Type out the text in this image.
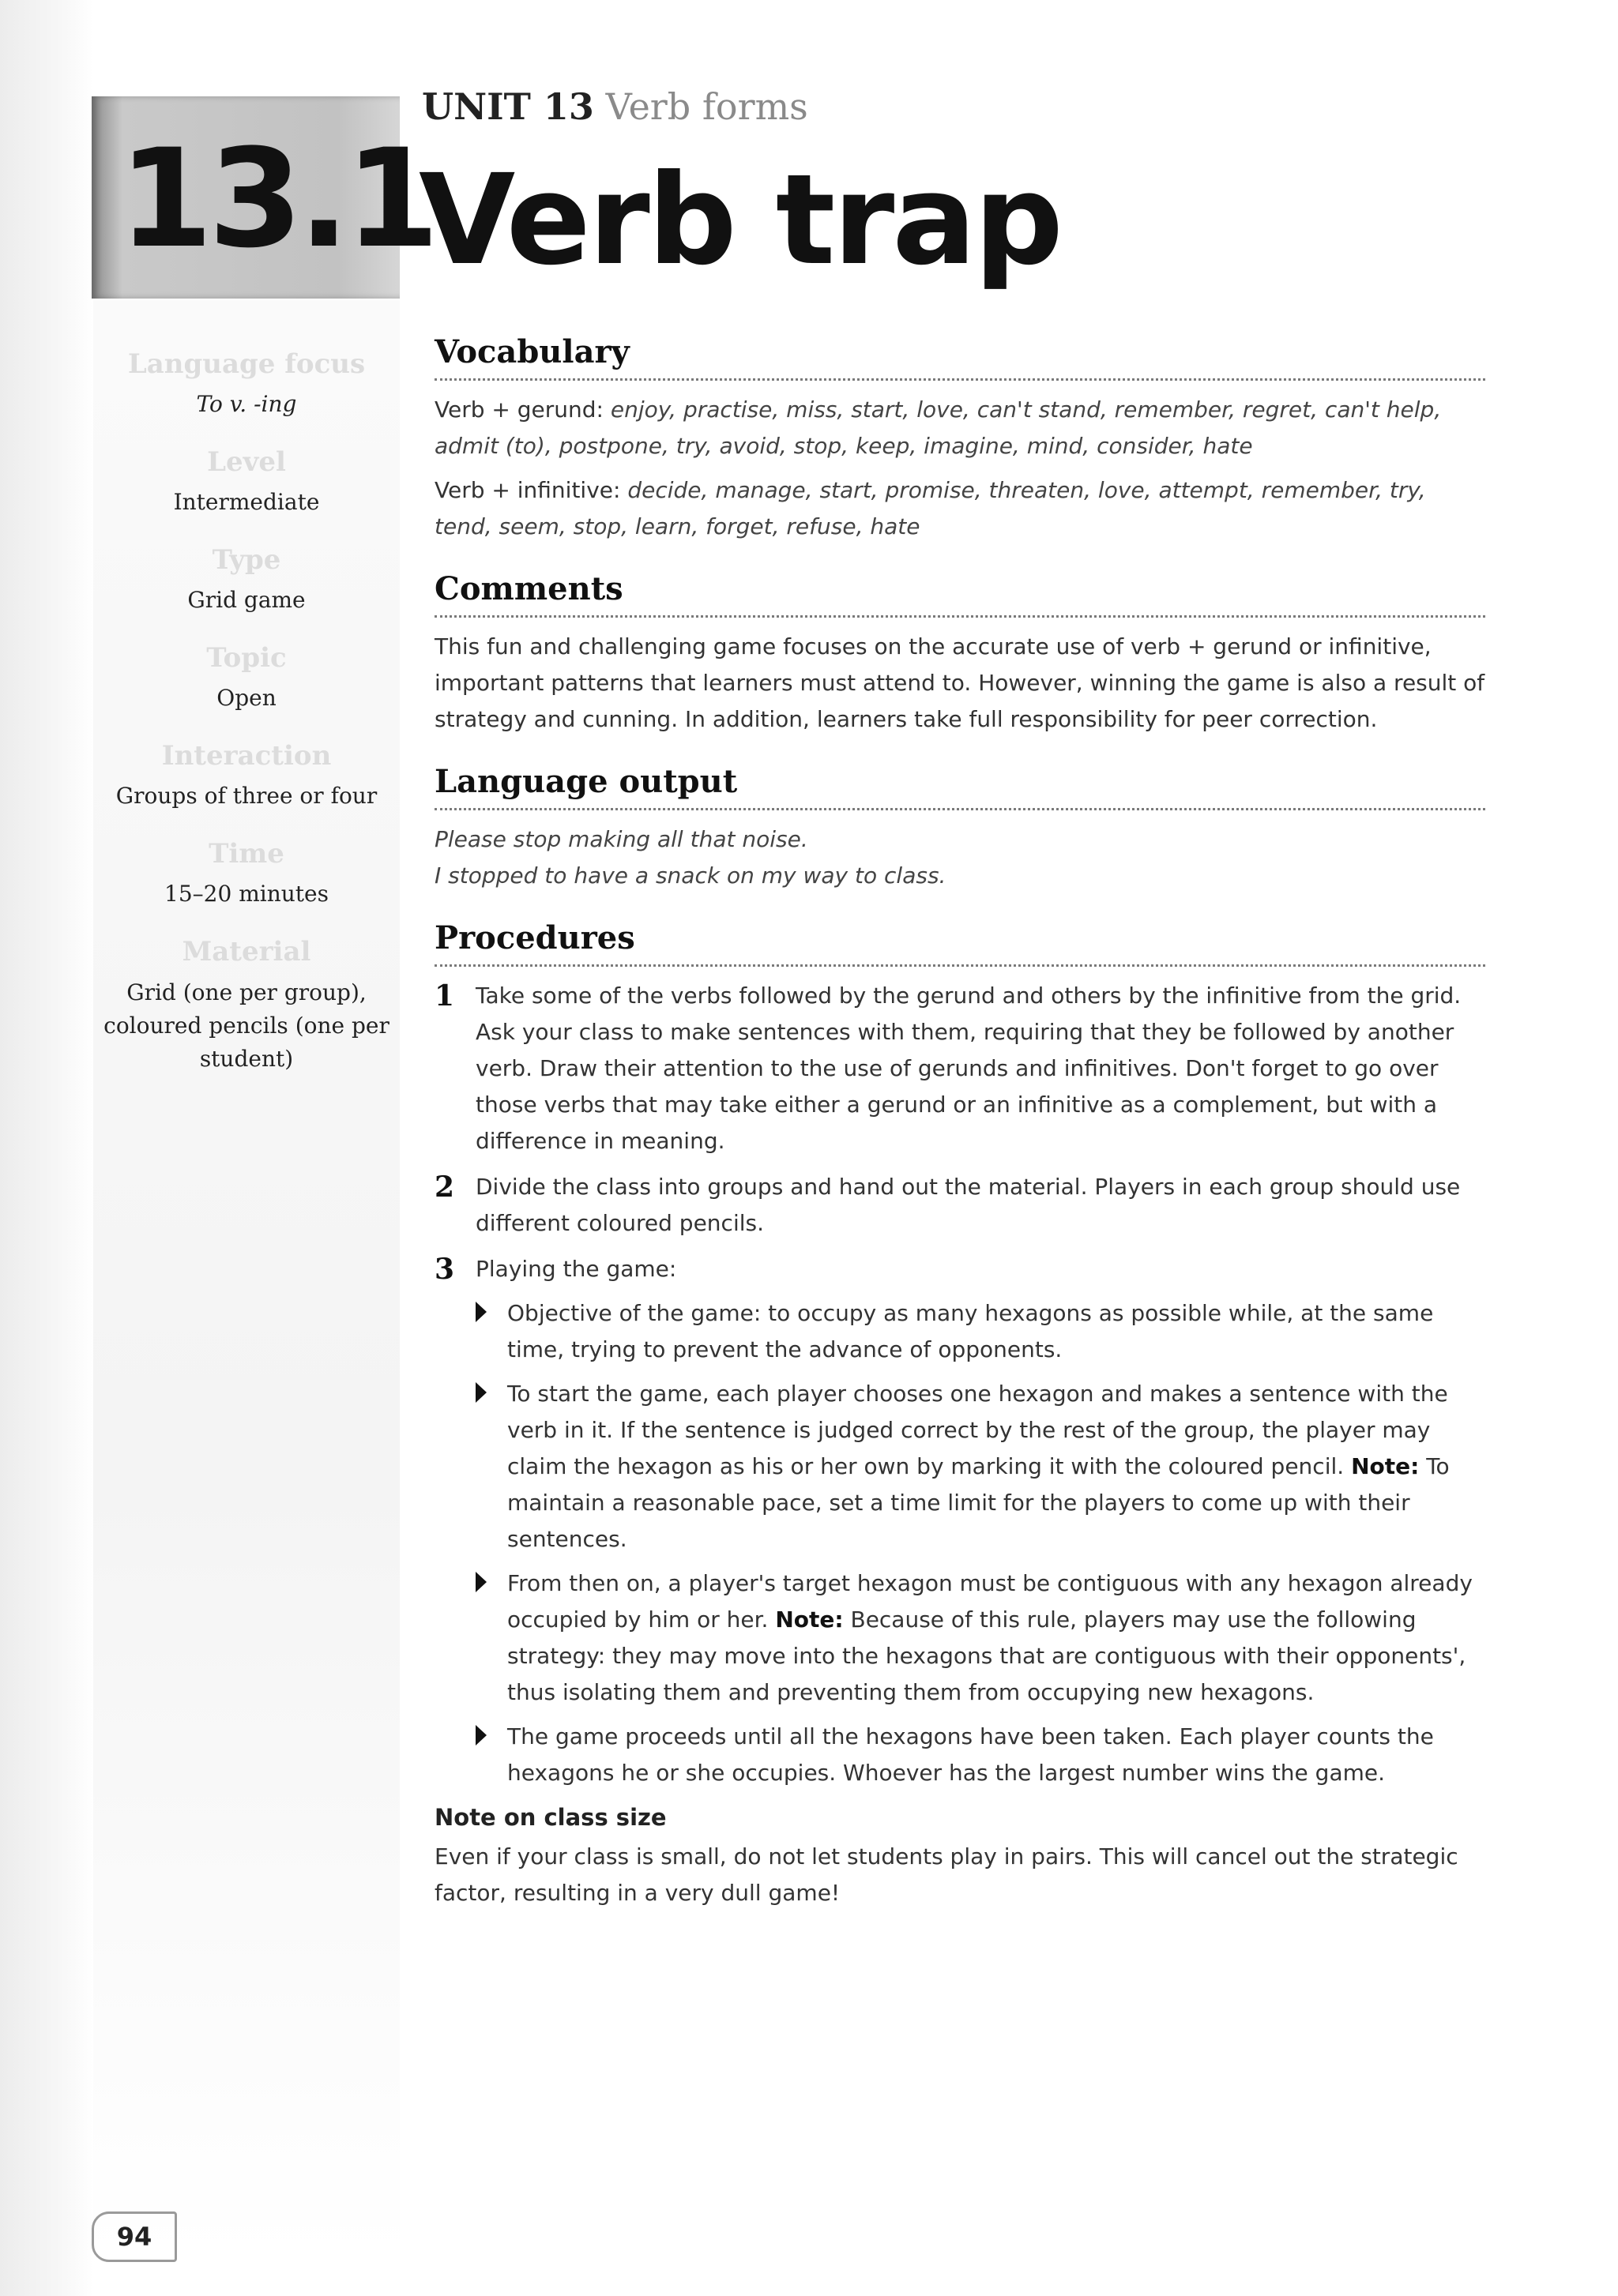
13.1
UNIT 13 Verb forms
Verb trap
Language focus
To v. -ing
Level
Intermediate
Type
Grid game
Topic
Open
Interaction
Groups of three or four
Time
15–20 minutes
Material
Grid (one per group), coloured pencils (one per student)
Vocabulary

Verb + gerund: enjoy, practise, miss, start, love, can't stand, remember, regret, can't help, admit (to), postpone, try, avoid, stop, keep, imagine, mind, consider, hate

Verb + infinitive: decide, manage, start, promise, threaten, love, attempt, remember, try, tend, seem, stop, learn, forget, refuse, hate

Comments

This fun and challenging game focuses on the accurate use of verb + gerund or infinitive, important patterns that learners must attend to. However, winning the game is also a result of strategy and cunning. In addition, learners take full responsibility for peer correction.

Language output

Please stop making all that noise.

I stopped to have a snack on my way to class.

Procedures
1 Take some of the verbs followed by the gerund and others by the infinitive from the grid. Ask your class to make sentences with them, requiring that they be followed by another verb. Draw their attention to the use of gerunds and infinitives. Don't forget to go over those verbs that may take either a gerund or an infinitive as a complement, but with a difference in meaning.

2 Divide the class into groups and hand out the material. Players in each group should use different coloured pencils.

3 Playing the game:

Objective of the game: to occupy as many hexagons as possible while, at the same time, trying to prevent the advance of opponents.

To start the game, each player chooses one hexagon and makes a sentence with the verb in it. If the sentence is judged correct by the rest of the group, the player may claim the hexagon as his or her own by marking it with the coloured pencil. Note: To maintain a reasonable pace, set a time limit for the players to come up with their sentences.

From then on, a player's target hexagon must be contiguous with any hexagon already occupied by him or her. Note: Because of this rule, players may use the following strategy: they may move into the hexagons that are contiguous with their opponents', thus isolating them and preventing them from occupying new hexagons.

The game proceeds until all the hexagons have been taken. Each player counts the hexagons he or she occupies. Whoever has the largest number wins the game.

Note on class size

Even if your class is small, do not let students play in pairs. This will cancel out the strategic factor, resulting in a very dull game!

94
